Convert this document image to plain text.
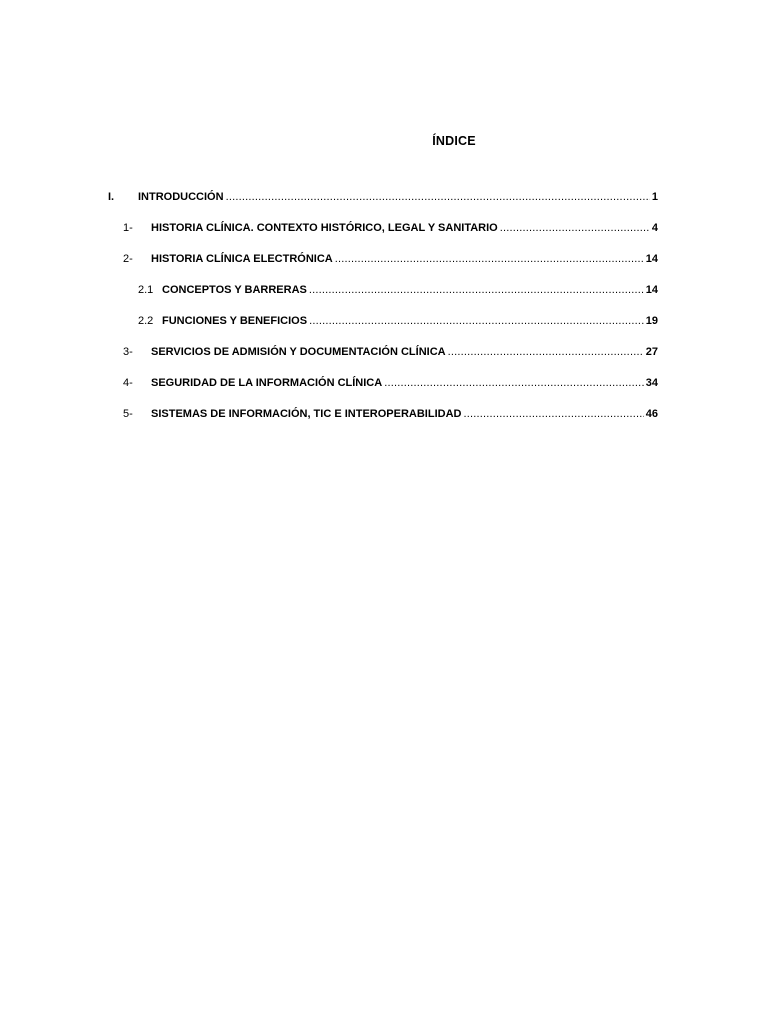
ÍNDICE
I.	INTRODUCCIÓN .....	1
1-	HISTORIA CLÍNICA. CONTEXTO HISTÓRICO, LEGAL Y SANITARIO .....	4
2-	HISTORIA CLÍNICA ELECTRÓNICA .....	14
2.1 CONCEPTOS Y BARRERAS .....	14
2.2 FUNCIONES Y BENEFICIOS .....	19
3-	SERVICIOS DE ADMISIÓN Y DOCUMENTACIÓN CLÍNICA .....	27
4-	SEGURIDAD DE LA INFORMACIÓN CLÍNICA .....	34
5-	SISTEMAS DE INFORMACIÓN, TIC E INTEROPERABILIDAD .....	46
